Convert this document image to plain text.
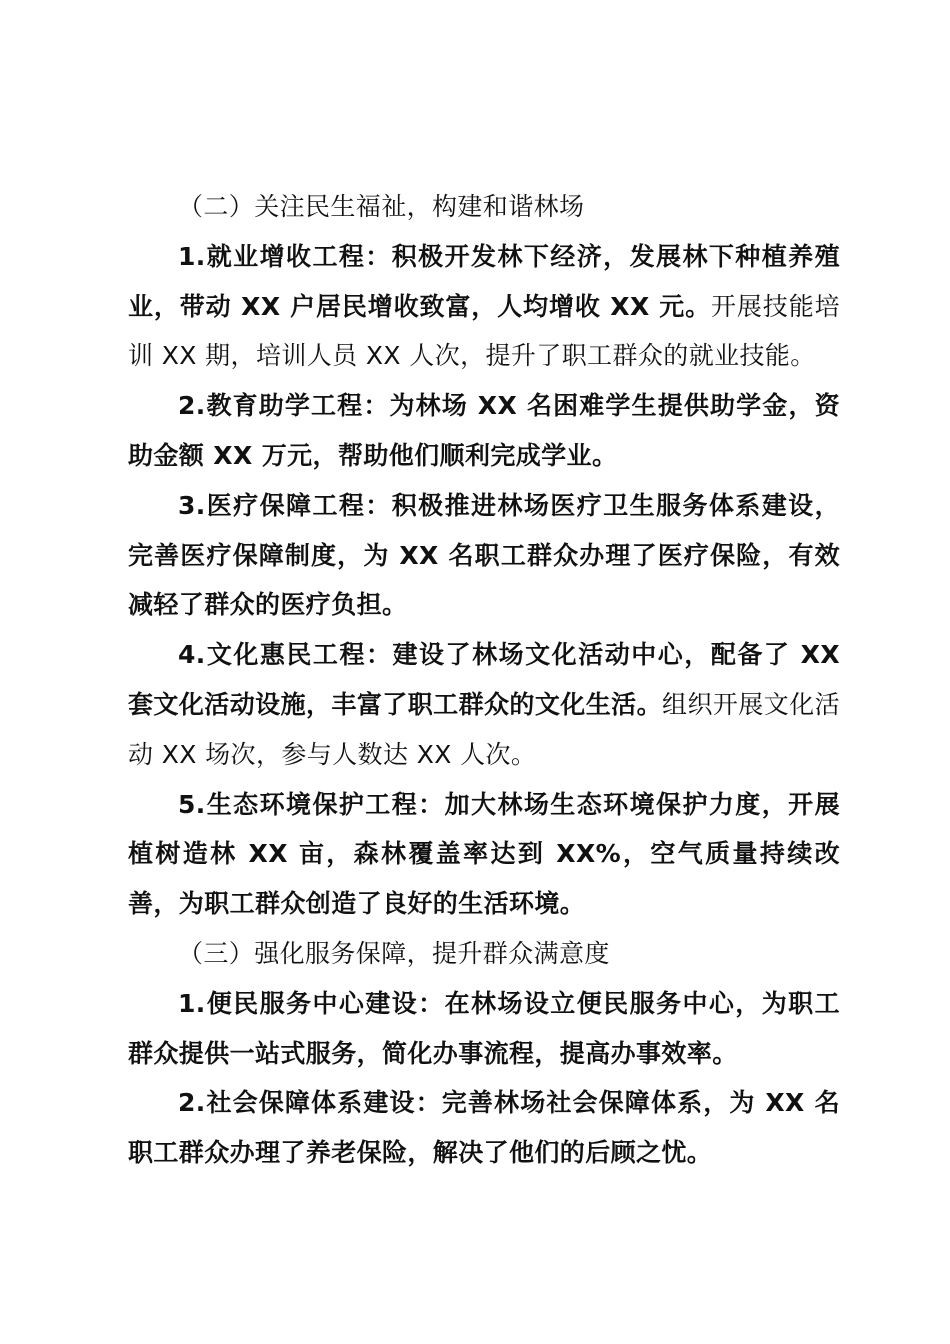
（二）关注民生福祉，构建和谐林场

1.就业增收工程：积极开发林下经济，发展林下种植养殖业，带动 XX 户居民增收致富，人均增收 XX 元。开展技能培训 XX 期，培训人员 XX 人次，提升了职工群众的就业技能。

2.教育助学工程：为林场 XX 名困难学生提供助学金，资助金额 XX 万元，帮助他们顺利完成学业。

3.医疗保障工程：积极推进林场医疗卫生服务体系建设，完善医疗保障制度，为 XX 名职工群众办理了医疗保险，有效减轻了群众的医疗负担。

4.文化惠民工程：建设了林场文化活动中心，配备了 XX 套文化活动设施，丰富了职工群众的文化生活。组织开展文化活动 XX 场次，参与人数达 XX 人次。

5.生态环境保护工程：加大林场生态环境保护力度，开展植树造林 XX 亩，森林覆盖率达到 XX%，空气质量持续改善，为职工群众创造了良好的生活环境。

（三）强化服务保障，提升群众满意度

1.便民服务中心建设：在林场设立便民服务中心，为职工群众提供一站式服务，简化办事流程，提高办事效率。

2.社会保障体系建设：完善林场社会保障体系，为 XX 名职工群众办理了养老保险，解决了他们的后顾之忧。
